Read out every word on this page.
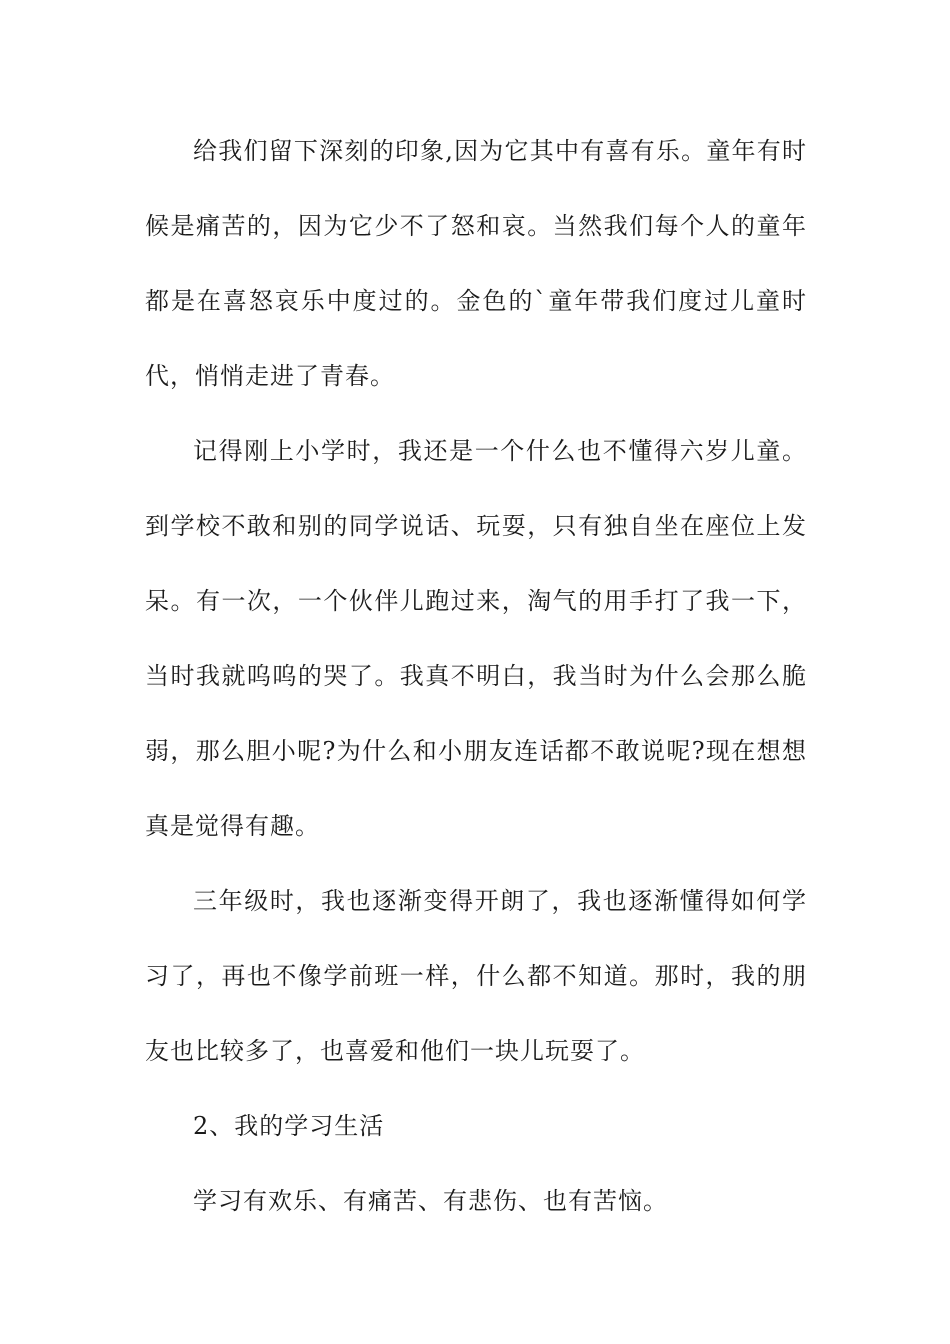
给我们留下深刻的印象,因为它其中有喜有乐。童年有时候是痛苦的，因为它少不了怒和哀。当然我们每个人的童年都是在喜怒哀乐中度过的。金色的`童年带我们度过儿童时代，悄悄走进了青春。

记得刚上小学时，我还是一个什么也不懂得六岁儿童。到学校不敢和别的同学说话、玩耍，只有独自坐在座位上发呆。有一次，一个伙伴儿跑过来，淘气的用手打了我一下，当时我就呜呜的哭了。我真不明白，我当时为什么会那么脆弱，那么胆小呢?为什么和小朋友连话都不敢说呢?现在想想真是觉得有趣。

三年级时，我也逐渐变得开朗了，我也逐渐懂得如何学习了，再也不像学前班一样，什么都不知道。那时，我的朋友也比较多了，也喜爱和他们一块儿玩耍了。

2、我的学习生活

学习有欢乐、有痛苦、有悲伤、也有苦恼。
